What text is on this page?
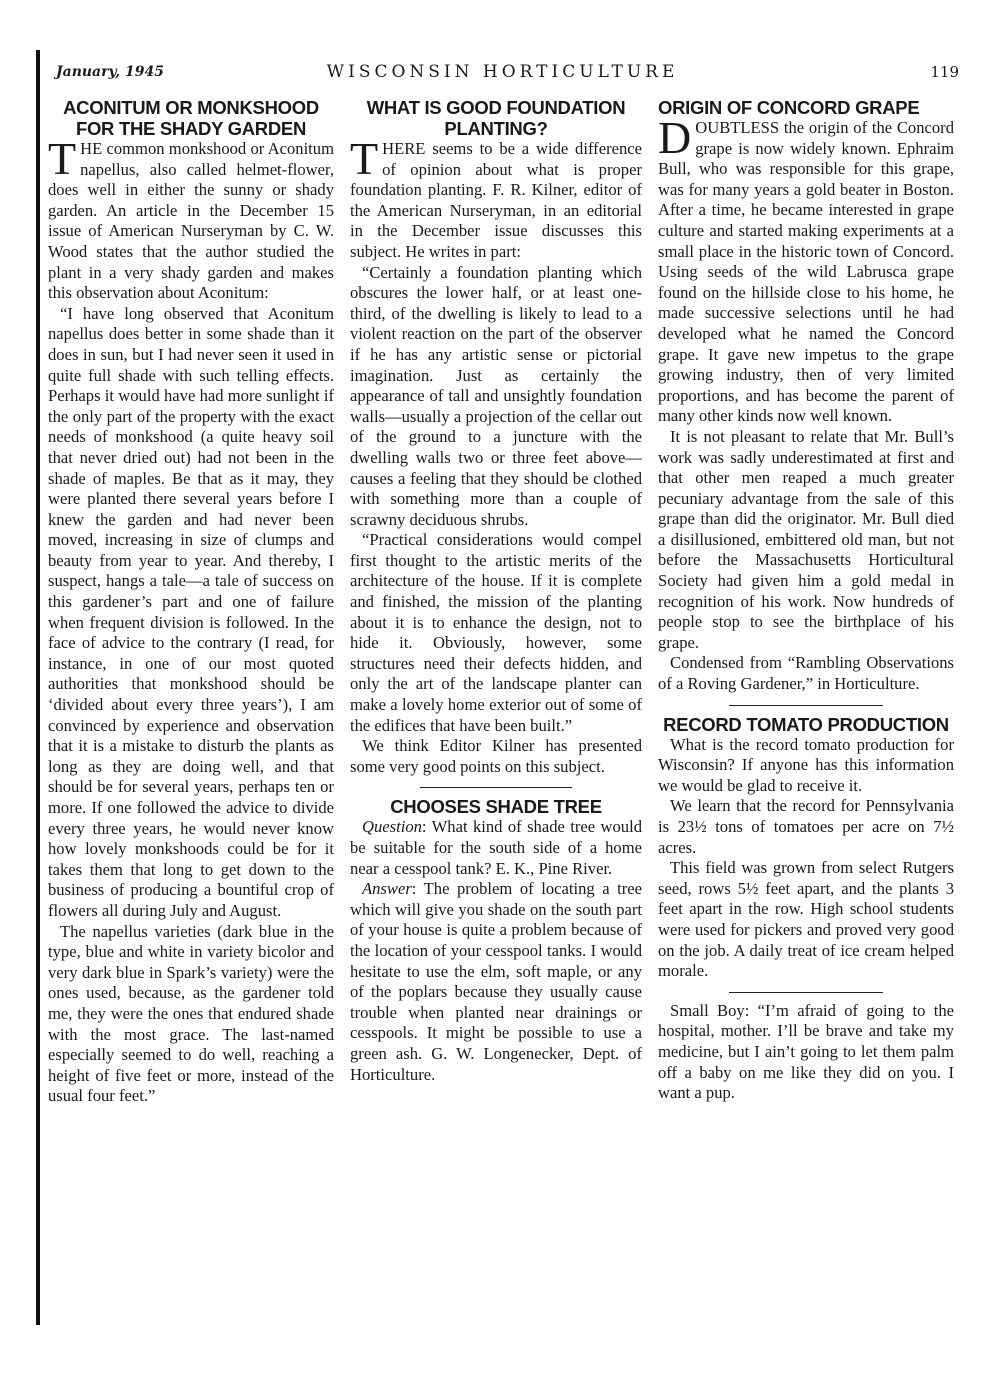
January, 1945	WISCONSIN HORTICULTURE	119
ACONITUM OR MONKSHOOD FOR THE SHADY GARDEN

THE common monkshood or Aconitum napellus, also called helmet-flower, does well in either the sunny or shady garden. An article in the December 15 issue of American Nurseryman by C. W. Wood states that the author studied the plant in a very shady garden and makes this observation about Aconitum:

“I have long observed that Aconitum napellus does better in some shade than it does in sun, but I had never seen it used in quite full shade with such telling effects. Perhaps it would have had more sunlight if the only part of the property with the exact needs of monkshood (a quite heavy soil that never dried out) had not been in the shade of maples. Be that as it may, they were planted there several years before I knew the garden and had never been moved, increasing in size of clumps and beauty from year to year. And thereby, I suspect, hangs a tale—a tale of success on this gardener’s part and one of failure when frequent division is followed. In the face of advice to the contrary (I read, for instance, in one of our most quoted authorities that monkshood should be ‘divided about every three years’), I am convinced by experience and observation that it is a mistake to disturb the plants as long as they are doing well, and that should be for several years, perhaps ten or more. If one followed the advice to divide every three years, he would never know how lovely monkshoods could be for it takes them that long to get down to the business of producing a bountiful crop of flowers all during July and August.

The napellus varieties (dark blue in the type, blue and white in variety bicolor and very dark blue in Spark’s variety) were the ones used, because, as the gardener told me, they were the ones that endured shade with the most grace. The last-named especially seemed to do well, reaching a height of five feet or more, instead of the usual four feet.”

WHAT IS GOOD FOUNDATION PLANTING?

THERE seems to be a wide difference of opinion about what is proper foundation planting. F. R. Kilner, editor of the American Nurseryman, in an editorial in the December issue discusses this subject. He writes in part:

“Certainly a foundation planting which obscures the lower half, or at least one-third, of the dwelling is likely to lead to a violent reaction on the part of the observer if he has any artistic sense or pictorial imagination. Just as certainly the appearance of tall and unsightly foundation walls—usually a projection of the cellar out of the ground to a juncture with the dwelling walls two or three feet above—causes a feeling that they should be clothed with something more than a couple of scrawny deciduous shrubs.

“Practical considerations would compel first thought to the artistic merits of the architecture of the house. If it is complete and finished, the mission of the planting about it is to enhance the design, not to hide it. Obviously, however, some structures need their defects hidden, and only the art of the landscape planter can make a lovely home exterior out of some of the edifices that have been built.”

We think Editor Kilner has presented some very good points on this subject.

CHOOSES SHADE TREE

Question: What kind of shade tree would be suitable for the south side of a home near a cesspool tank? E. K., Pine River.

Answer: The problem of locating a tree which will give you shade on the south part of your house is quite a problem because of the location of your cesspool tanks. I would hesitate to use the elm, soft maple, or any of the poplars because they usually cause trouble when planted near drainings or cesspools. It might be possible to use a green ash. G. W. Longenecker, Dept. of Horticulture.

ORIGIN OF CONCORD GRAPE

DOUBTLESS the origin of the Concord grape is now widely known. Ephraim Bull, who was responsible for this grape, was for many years a gold beater in Boston. After a time, he became interested in grape culture and started making experiments at a small place in the historic town of Concord. Using seeds of the wild Labrusca grape found on the hillside close to his home, he made successive selections until he had developed what he named the Concord grape. It gave new impetus to the grape growing industry, then of very limited proportions, and has become the parent of many other kinds now well known.

It is not pleasant to relate that Mr. Bull’s work was sadly underestimated at first and that other men reaped a much greater pecuniary advantage from the sale of this grape than did the originator. Mr. Bull died a disillusioned, embittered old man, but not before the Massachusetts Horticultural Society had given him a gold medal in recognition of his work. Now hundreds of people stop to see the birthplace of his grape.

Condensed from “Rambling Observations of a Roving Gardener,” in Horticulture.

RECORD TOMATO PRODUCTION

What is the record tomato production for Wisconsin? If anyone has this information we would be glad to receive it.

We learn that the record for Pennsylvania is 23½ tons of tomatoes per acre on 7½ acres.

This field was grown from select Rutgers seed, rows 5½ feet apart, and the plants 3 feet apart in the row. High school students were used for pickers and proved very good on the job. A daily treat of ice cream helped morale.

Small Boy: “I’m afraid of going to the hospital, mother. I’ll be brave and take my medicine, but I ain’t going to let them palm off a baby on me like they did on you. I want a pup.
